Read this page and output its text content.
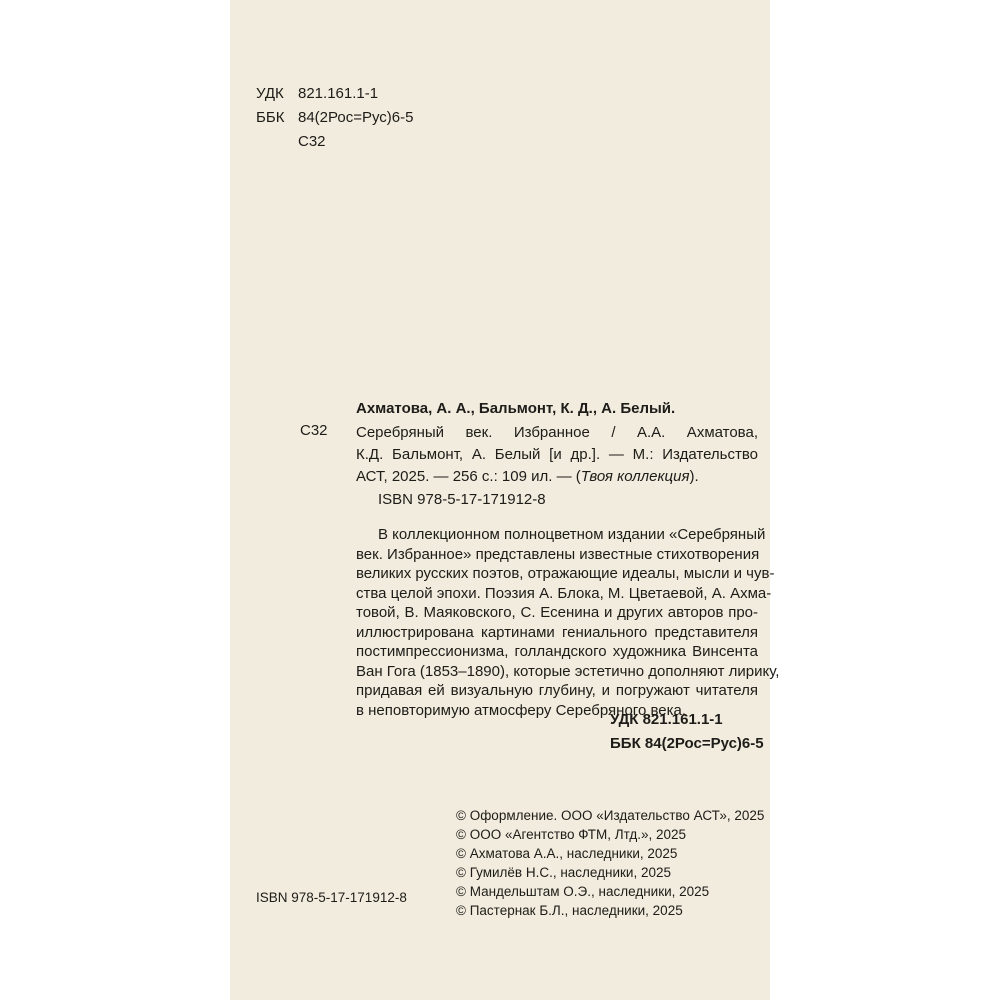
УДК 821.161.1-1
ББК 84(2Рос=Рус)6-5
С32
Ахматова, А. А., Бальмонт, К. Д., А. Белый.
С32 Серебряный век. Избранное / А.А. Ахматова,
К.Д. Бальмонт, А. Белый [и др.]. — М.: Издательство
АСТ, 2025. — 256 с.: 109 ил. — (Твоя коллекция).
ISBN 978-5-17-171912-8
В коллекционном полноцветном издании «Серебряный
век. Избранное» представлены известные стихотворения
великих русских поэтов, отражающие идеалы, мысли и чув-
ства целой эпохи. Поэзия А. Блока, М. Цветаевой, А. Ахма-
товой, В. Маяковского, С. Есенина и других авторов про-
иллюстрирована картинами гениального представителя
постимпрессионизма, голландского художника Винсента
Ван Гога (1853–1890), которые эстетично дополняют лирику,
придавая ей визуальную глубину, и погружают читателя
в неповторимую атмосферу Серебряного века.
УДК 821.161.1-1
ББК 84(2Рос=Рус)6-5
© Оформление. ООО «Издательство АСТ», 2025
© ООО «Агентство ФТМ, Лтд.», 2025
© Ахматова А.А., наследники, 2025
© Гумилёв Н.С., наследники, 2025
© Мандельштам О.Э., наследники, 2025
© Пастернак Б.Л., наследники, 2025
ISBN 978-5-17-171912-8
